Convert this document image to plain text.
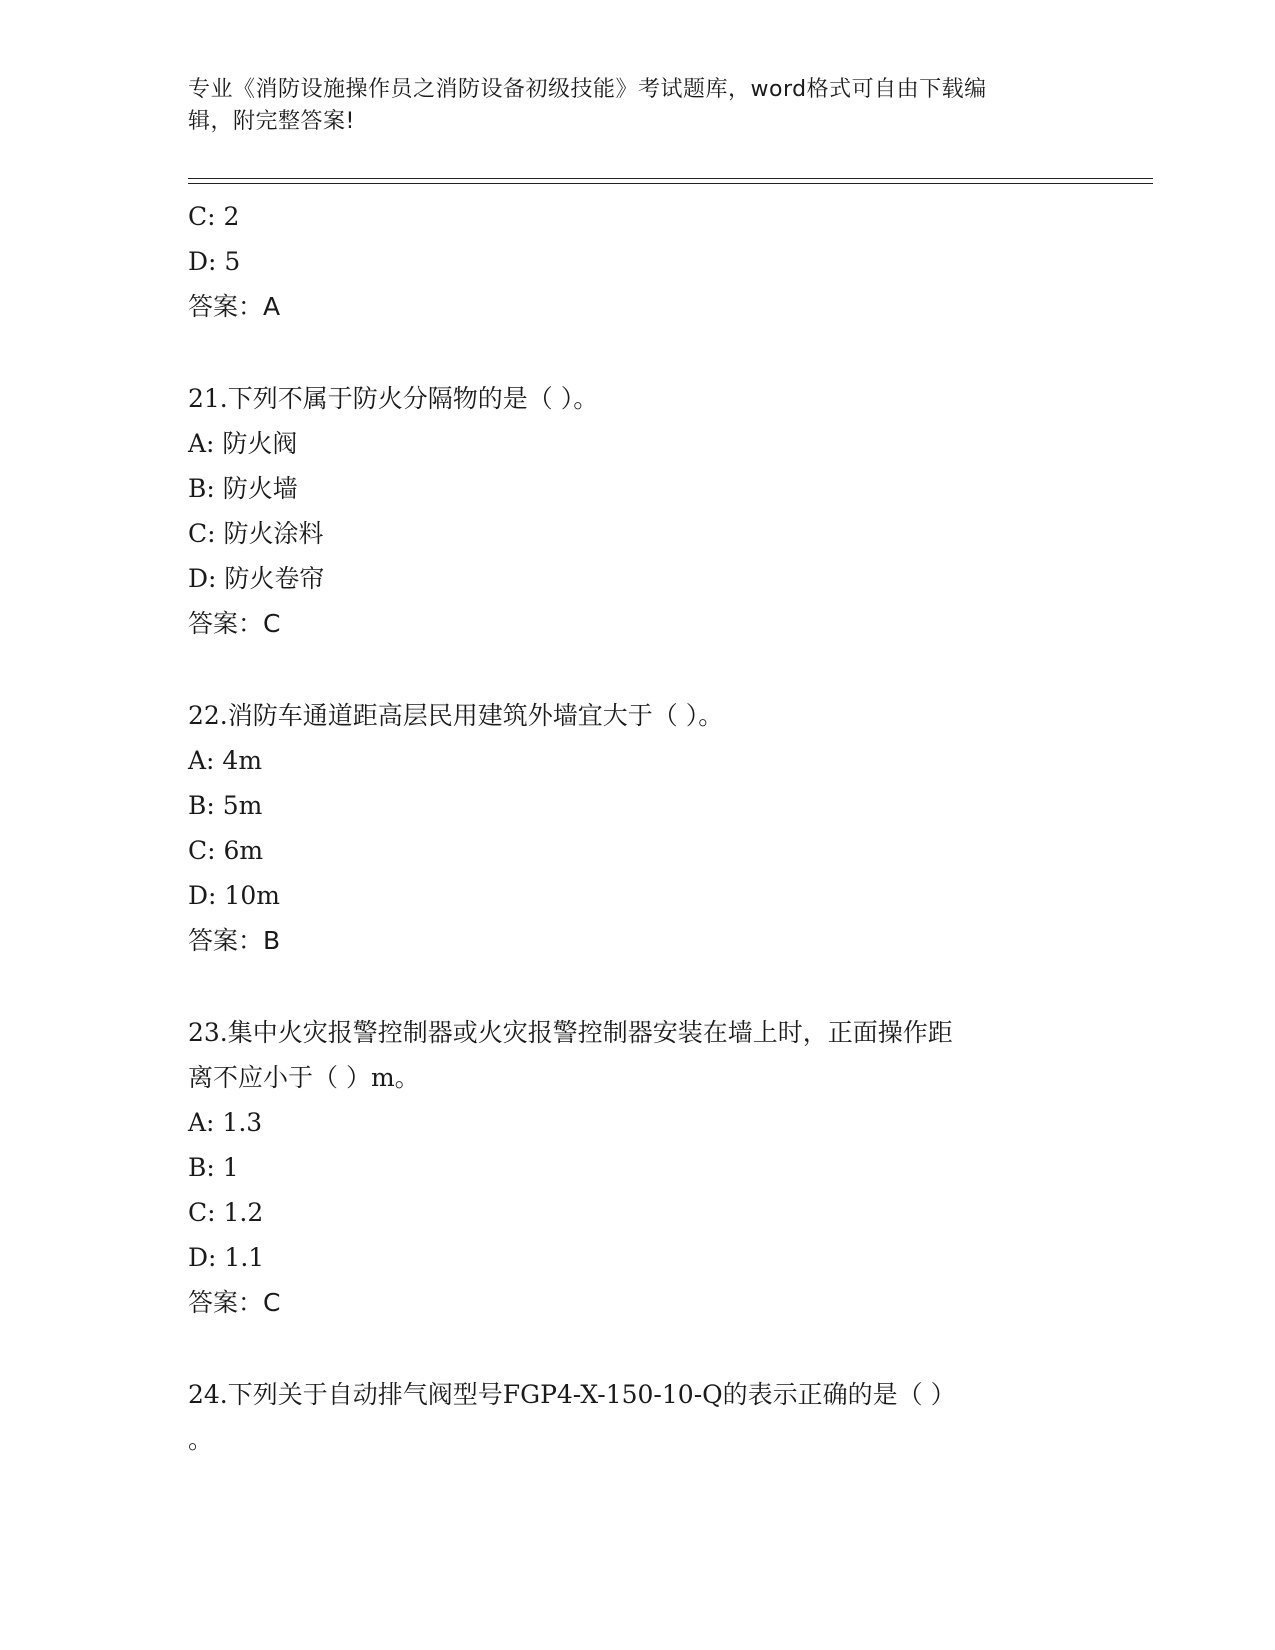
专业《消防设施操作员之消防设备初级技能》考试题库，word格式可自由下载编
辑，附完整答案!
C: 2
D: 5
答案：A
21.下列不属于防火分隔物的是（ ）。
A: 防火阀
B: 防火墙
C: 防火涂料
D: 防火卷帘
答案：C
22.消防车通道距高层民用建筑外墙宜大于（ ）。
A: 4m
B: 5m
C: 6m
D: 10m
答案：B
23.集中火灾报警控制器或火灾报警控制器安装在墙上时，正面操作距
离不应小于（ ）m。
A: 1.3
B: 1
C: 1.2
D: 1.1
答案：C
24.下列关于自动排气阀型号FGP4-X-150-10-Q的表示正确的是（ ）
。
